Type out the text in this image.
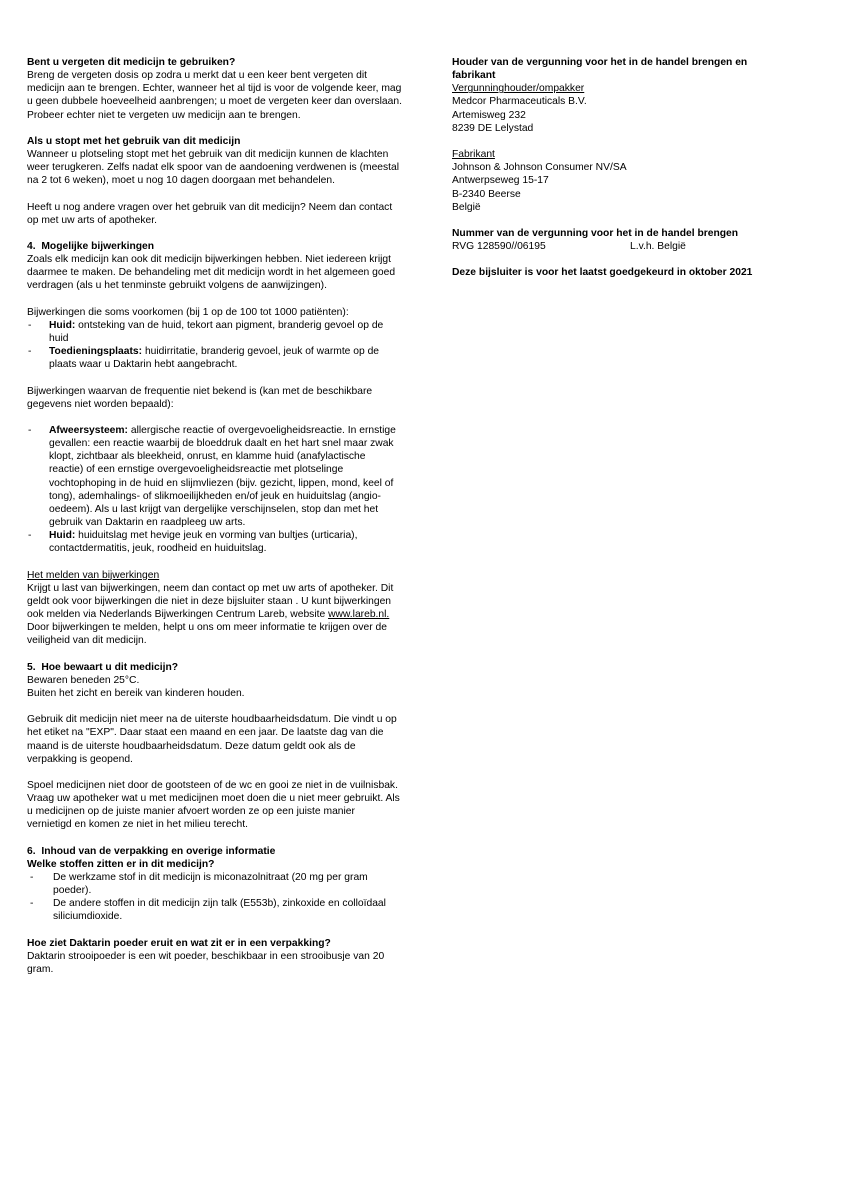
Bent u vergeten dit medicijn te gebruiken?

Breng de vergeten dosis op zodra u merkt dat u een keer bent vergeten dit medicijn aan te brengen. Echter, wanneer het al tijd is voor de volgende keer, mag u geen dubbele hoeveelheid aanbrengen; u moet de vergeten keer dan overslaan. Probeer echter niet te vergeten uw medicijn aan te brengen.

Als u stopt met het gebruik van dit medicijn

Wanneer u plotseling stopt met het gebruik van dit medicijn kunnen de klachten weer terugkeren. Zelfs nadat elk spoor van de aandoening verdwenen is (meestal na 2 tot 6 weken), moet u nog 10 dagen doorgaan met behandelen.

Heeft u nog andere vragen over het gebruik van dit medicijn? Neem dan contact op met uw arts of apotheker.

4. Mogelijke bijwerkingen

Zoals elk medicijn kan ook dit medicijn bijwerkingen hebben. Niet iedereen krijgt daarmee te maken. De behandeling met dit medicijn wordt in het algemeen goed verdragen (als u het tenminste gebruikt volgens de aanwijzingen).

Bijwerkingen die soms voorkomen (bij 1 op de 100 tot 1000 patiënten):
- Huid: ontsteking van de huid, tekort aan pigment, branderig gevoel op de huid
- Toedieningsplaats: huidirritatie, branderig gevoel, jeuk of warmte op de plaats waar u Daktarin hebt aangebracht.
Bijwerkingen waarvan de frequentie niet bekend is (kan met de beschikbare gegevens niet worden bepaald):
- Afweersysteem: allergische reactie of overgevoeligheidsreactie. In ernstige gevallen: een reactie waarbij de bloeddruk daalt en het hart snel maar zwak klopt, zichtbaar als bleekheid, onrust, en klamme huid (anafylactische reactie) of een ernstige overgevoeligheidsreactie met plotselinge vochtophoping in de huid en slijmvliezen (bijv. gezicht, lippen, mond, keel of tong), ademhalings- of slikmoeilijkheden en/of jeuk en huiduitslag (angio-oedeem). Als u last krijgt van dergelijke verschijnselen, stop dan met het gebruik van Daktarin en raadpleeg uw arts.
- Huid: huiduitslag met hevige jeuk en vorming van bultjes (urticaria), contactdermatitis, jeuk, roodheid en huiduitslag.
Het melden van bijwerkingen

Krijgt u last van bijwerkingen, neem dan contact op met uw arts of apotheker. Dit geldt ook voor bijwerkingen die niet in deze bijsluiter staan . U kunt bijwerkingen ook melden via Nederlands Bijwerkingen Centrum Lareb, website www.lareb.nl. Door bijwerkingen te melden, helpt u ons om meer informatie te krijgen over de veiligheid van dit medicijn.

5. Hoe bewaart u dit medicijn?
Bewaren beneden 25°C.
Buiten het zicht en bereik van kinderen houden.

Gebruik dit medicijn niet meer na de uiterste houdbaarheidsdatum. Die vindt u op het etiket na "EXP". Daar staat een maand en een jaar. De laatste dag van die maand is de uiterste houdbaarheidsdatum. Deze datum geldt ook als de verpakking is geopend.

Spoel medicijnen niet door de gootsteen of de wc en gooi ze niet in de vuilnisbak. Vraag uw apotheker wat u met medicijnen moet doen die u niet meer gebruikt. Als u medicijnen op de juiste manier afvoert worden ze op een juiste manier vernietigd en komen ze niet in het milieu terecht.

6. Inhoud van de verpakking en overige informatie
Welke stoffen zitten er in dit medicijn?
- De werkzame stof in dit medicijn is miconazolnitraat (20 mg per gram poeder).
- De andere stoffen in dit medicijn zijn talk (E553b), zinkoxide en colloïdaal siliciumdioxide.
Hoe ziet Daktarin poeder eruit en wat zit er in een verpakking?
Daktarin strooipoeder is een wit poeder, beschikbaar in een strooibusje van 20 gram.
Houder van de vergunning voor het in de handel brengen en
fabrikant
Vergunninghouder/ompakker
Medcor Pharmaceuticals B.V.
Artemisweg 232
8239 DE Lelystad
Fabrikant
Johnson & Johnson Consumer NV/SA
Antwerpseweg 15-17
B-2340 Beerse
België
Nummer van de vergunning voor het in de handel brengen
RVG 128590//06195	L.v.h. België
Deze bijsluiter is voor het laatst goedgekeurd in oktober 2021
